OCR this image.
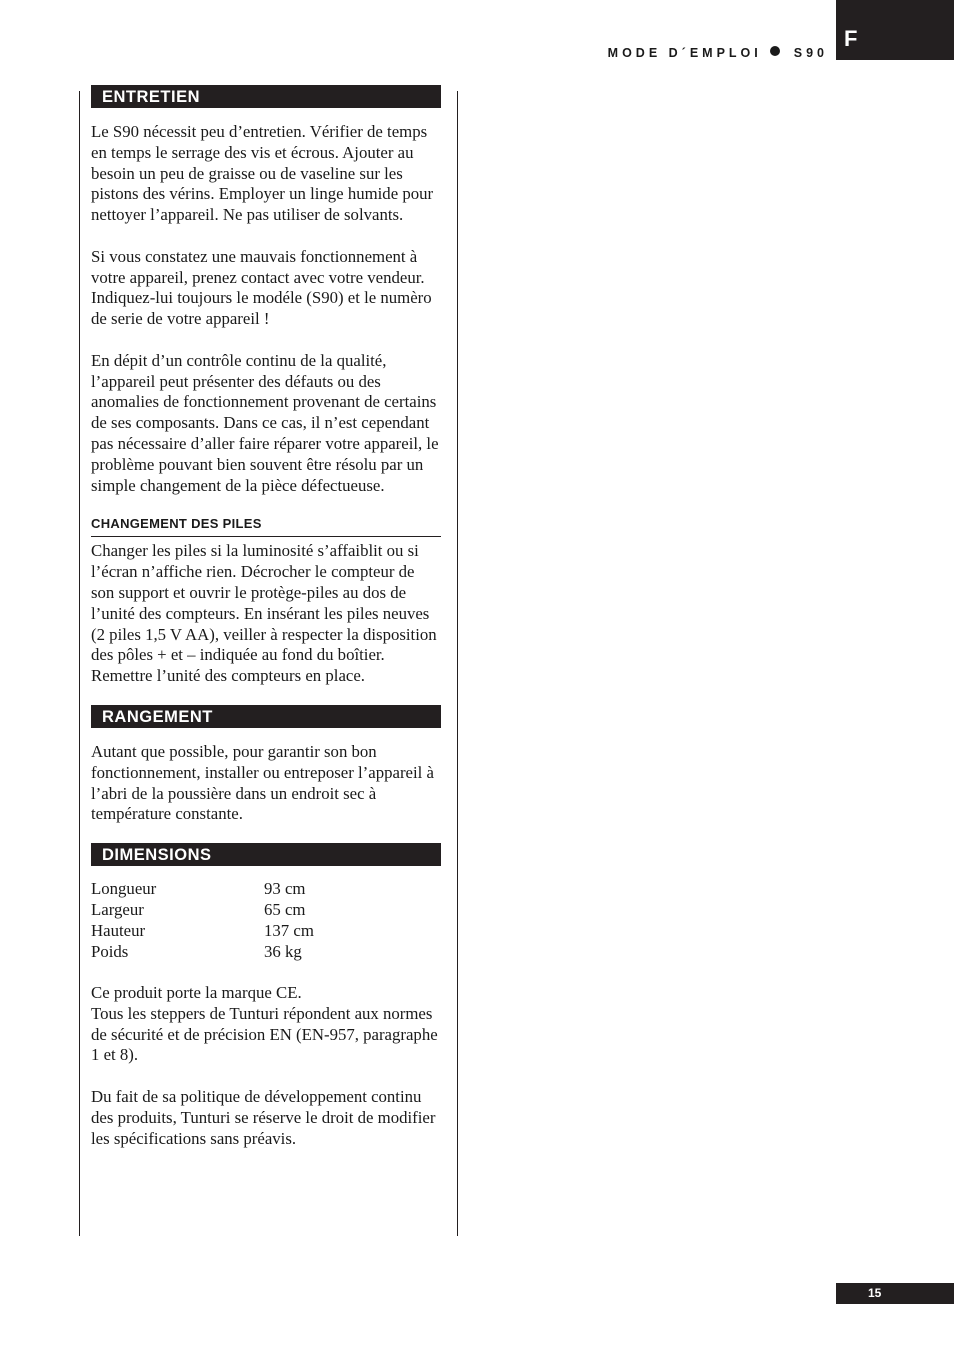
MODE D´EMPLOI	S90
F
ENTRETIEN

Le S90 nécessit peu d’entretien. Vérifier de temps en temps le serrage des vis et écrous. Ajouter au besoin un peu de graisse ou de vaseline sur les pistons des vérins. Employer un linge humide pour nettoyer l’appareil. Ne pas utiliser de solvants.

Si vous constatez une mauvais fonctionnement à votre appareil, prenez contact avec votre vendeur. Indiquez-lui toujours le modéle (S90) et le numèro de serie de votre appareil !

En dépit d’un contrôle continu de la qualité, l’appareil peut présenter des défauts ou des anomalies de fonctionnement provenant de certains de ses composants. Dans ce cas, il n’est cependant pas nécessaire d’aller faire réparer votre appareil, le problème pouvant bien souvent être résolu par un simple changement de la pièce défectueuse.

CHANGEMENT DES PILES

Changer les piles si la luminosité s’affaiblit ou si l’écran n’affiche rien. Décrocher le compteur de son support et ouvrir le protège-piles au dos de l’unité des compteurs. En insérant les piles neuves (2 piles 1,5 V AA), veiller à respecter la disposition des pôles + et – indiquée au fond du boîtier. Remettre l’unité des compteurs en place.

RANGEMENT

Autant que possible, pour garantir son bon fonctionnement, installer ou entreposer l’appareil à l’abri de la poussière dans un endroit sec à température constante.

DIMENSIONS
Longueur	93 cm
Largeur	65 cm
Hauteur	137 cm
Poids	36 kg

Ce produit porte la marque CE.

Tous les steppers de Tunturi répondent aux normes de sécurité et de précision EN (EN-957, paragraphe 1 et 8).

Du fait de sa politique de développement continu des produits, Tunturi se réserve le droit de modifier les spécifications sans préavis.

15
